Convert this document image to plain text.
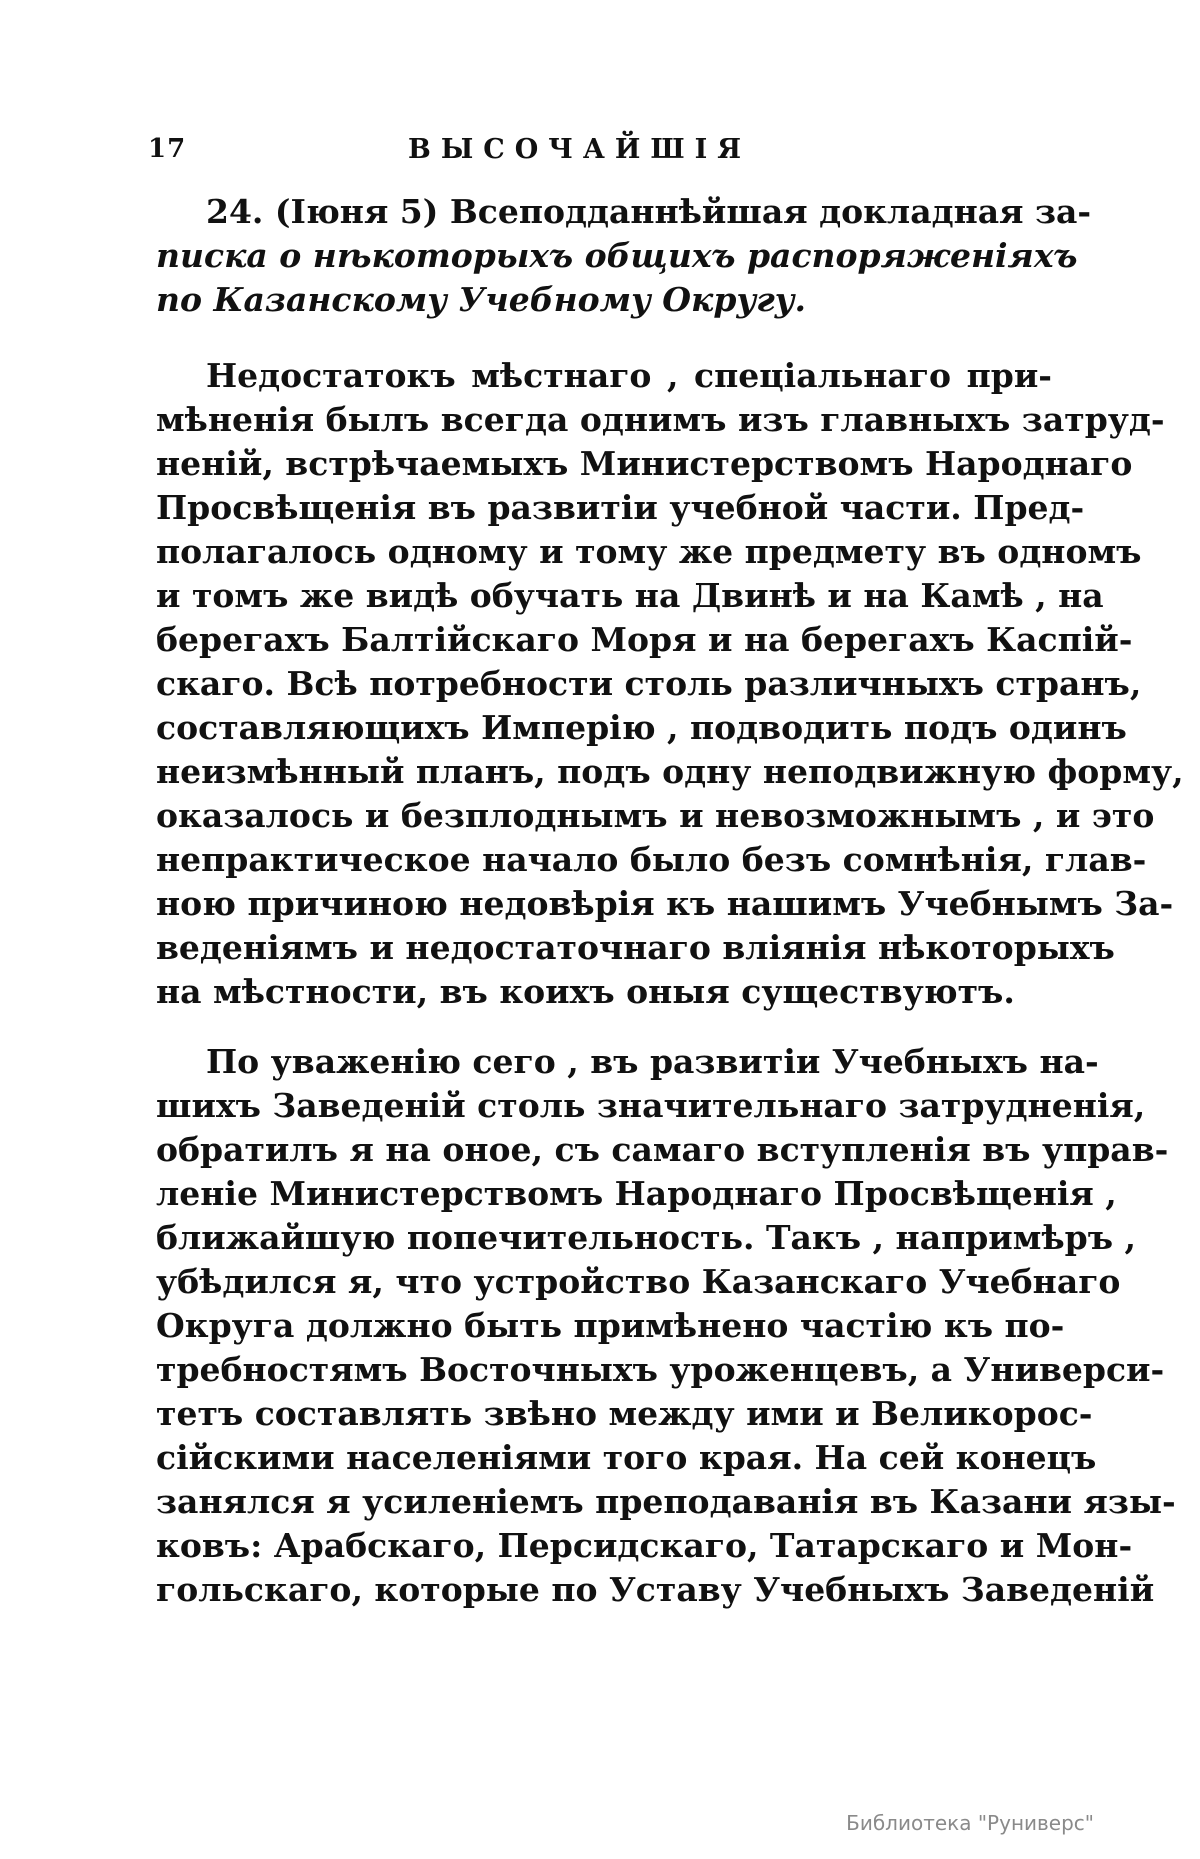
17	ВЫСОЧАЙШІЯ
24. (Іюня 5) Всеподданнѣйшая докладная за-
писка о нѣкоторыхъ общихъ распоряженіяхъ
по Казанскому Учебному Округу.
Недостатокъ мѣстнаго , спеціальнаго при-
мѣненія былъ всегда однимъ изъ главныхъ затруд-
неній, встрѣчаемыхъ Министерствомъ Народнаго
Просвѣщенія въ развитіи учебной части. Пред-
полагалось одному и тому же предмету въ одномъ
и томъ же видѣ обучать на Двинѣ и на Камѣ , на
берегахъ Балтійскаго Моря и на берегахъ Каспій-
скаго. Всѣ потребности столь различныхъ странъ,
составляющихъ Имперію , подводить подъ одинъ
неизмѣнный планъ, подъ одну неподвижную форму,
оказалось и безплоднымъ и невозможнымъ , и это
непрактическое начало было безъ сомнѣнія, глав-
ною причиною недовѣрія къ нашимъ Учебнымъ За-
веденіямъ и недостаточнаго вліянія нѣкоторыхъ
на мѣстности, въ коихъ оныя существуютъ.
По уваженію сего , въ развитіи Учебныхъ на-
шихъ Заведеній столь значительнаго затрудненія,
обратилъ я на оное, съ самаго вступленія въ управ-
леніе Министерствомъ Народнаго Просвѣщенія ,
ближайшую попечительность. Такъ , напримѣръ ,
убѣдился я, что устройство Казанскаго Учебнаго
Округа должно быть примѣнено частію къ по-
требностямъ Восточныхъ уроженцевъ, а Универси-
тетъ составлять звѣно между ими и Великорос-
сійскими населеніями того края. На сей конецъ
занялся я усиленіемъ преподаванія въ Казани язы-
ковъ: Арабскаго, Персидскаго, Татарскаго и Мон-
гольскаго, которые по Уставу Учебныхъ Заведеній
Библиотека "Руниверс"
